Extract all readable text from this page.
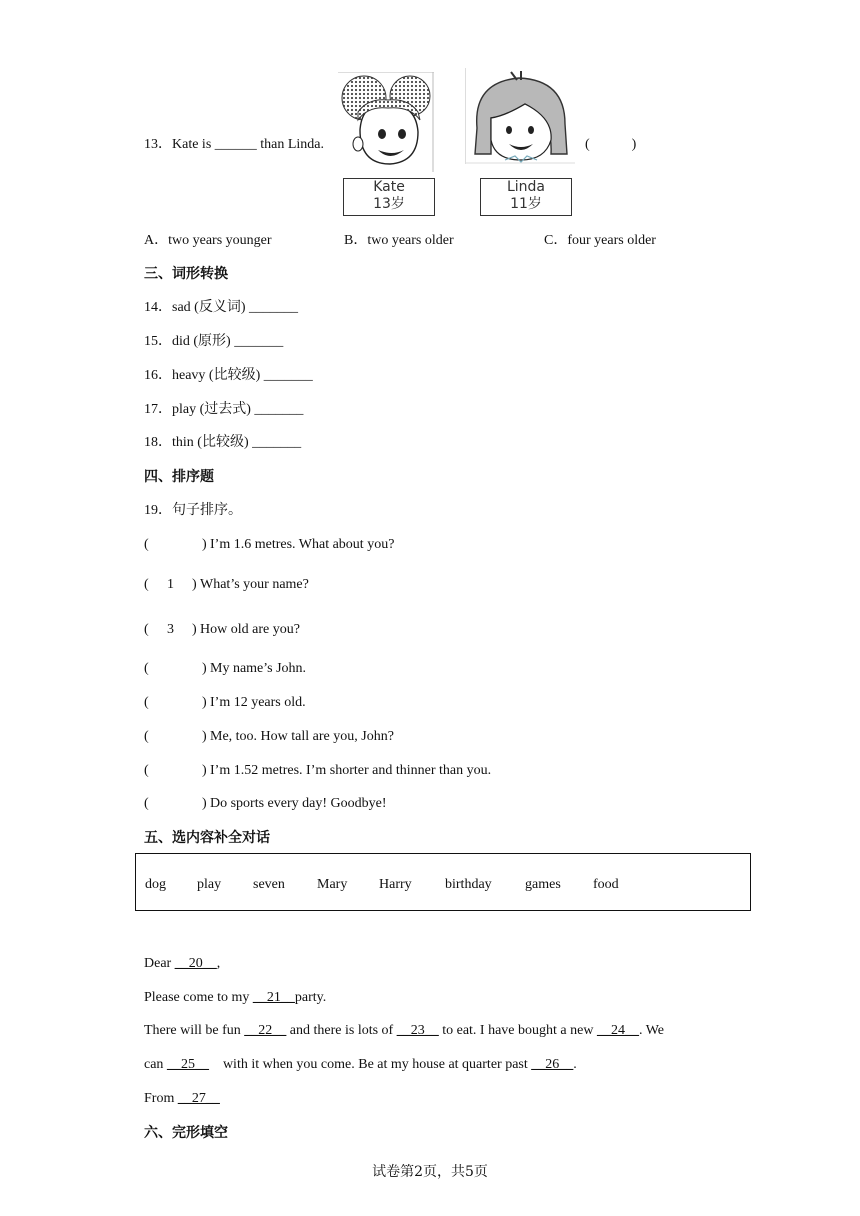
13．Kate is ______ than Linda.
Kate
13岁
Linda
11岁
(　　　)
A．two years younger	B．two years older	C．four years older
三、词形转换
14．sad (反义词) _______
15．did (原形) _______
16．heavy (比较级) _______
17．play (过去式) _______
18．thin (比较级) _______
四、排序题
19．句子排序。
(	) I’m 1.6 metres. What about you?
( 1 ) What’s your name?
( 3 ) How old are you?
(	) My name’s John.
(	) I’m 12 years old.
(	) Me, too. How tall are you, John?
(	) I’m 1.52 metres. I’m shorter and thinner than you.
(	) Do sports every day! Goodbye!
五、选内容补全对话
dog play seven Mary Harry birthday games food
Dear __20__,
Please come to my __21__party.
There will be fun __22__ and there is lots of __23__ to eat. I have bought a new __24__. We
can __25__ with it when you come. Be at my house at quarter past __26__.
From __27__
六、完形填空
试卷第2页，共5页
